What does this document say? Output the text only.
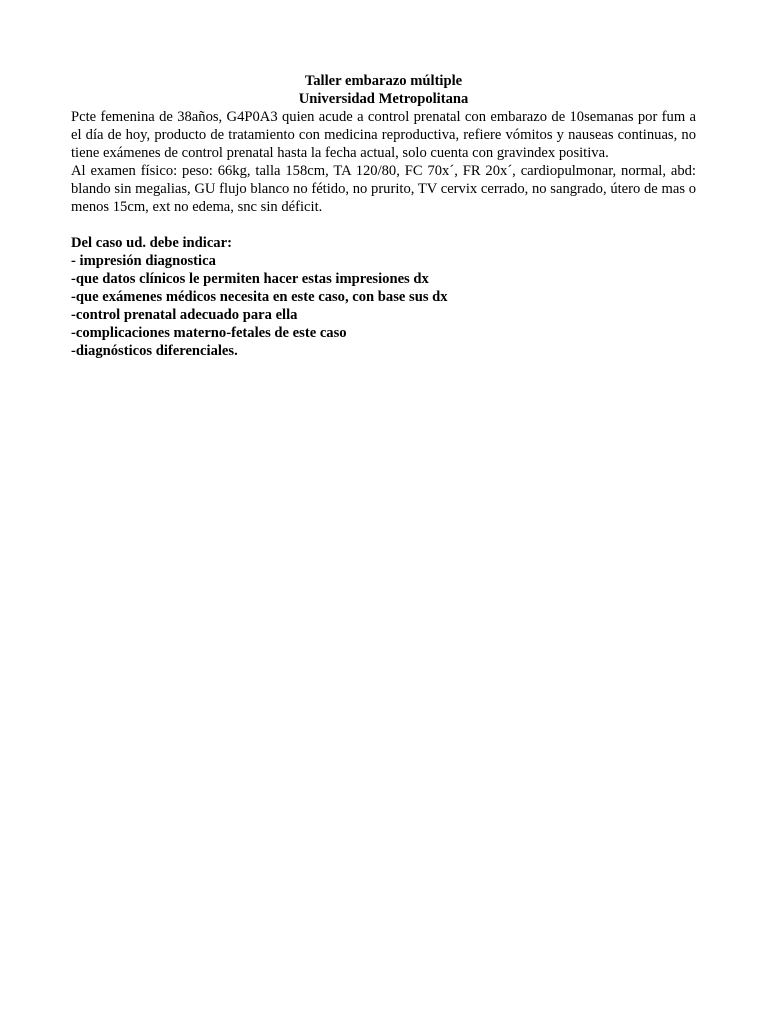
Taller embarazo múltiple

Universidad Metropolitana

Pcte femenina de 38años, G4P0A3 quien acude a control prenatal con embarazo de 10semanas por fum a el día de hoy, producto de tratamiento con medicina reproductiva, refiere vómitos y nauseas continuas, no tiene exámenes de control prenatal hasta la fecha actual, solo cuenta con gravindex positiva.

Al examen físico: peso: 66kg, talla 158cm, TA 120/80, FC 70x´, FR 20x´, cardiopulmonar, normal, abd: blando sin megalias, GU flujo blanco no fétido, no prurito, TV cervix cerrado, no sangrado, útero de mas o menos 15cm, ext no edema, snc sin déficit.

Del caso ud. debe indicar:

- impresión diagnostica

-que datos clínicos le permiten hacer estas impresiones dx

-que exámenes médicos necesita en este caso, con base sus dx

-control prenatal adecuado para ella

-complicaciones materno-fetales de este caso

-diagnósticos diferenciales.
